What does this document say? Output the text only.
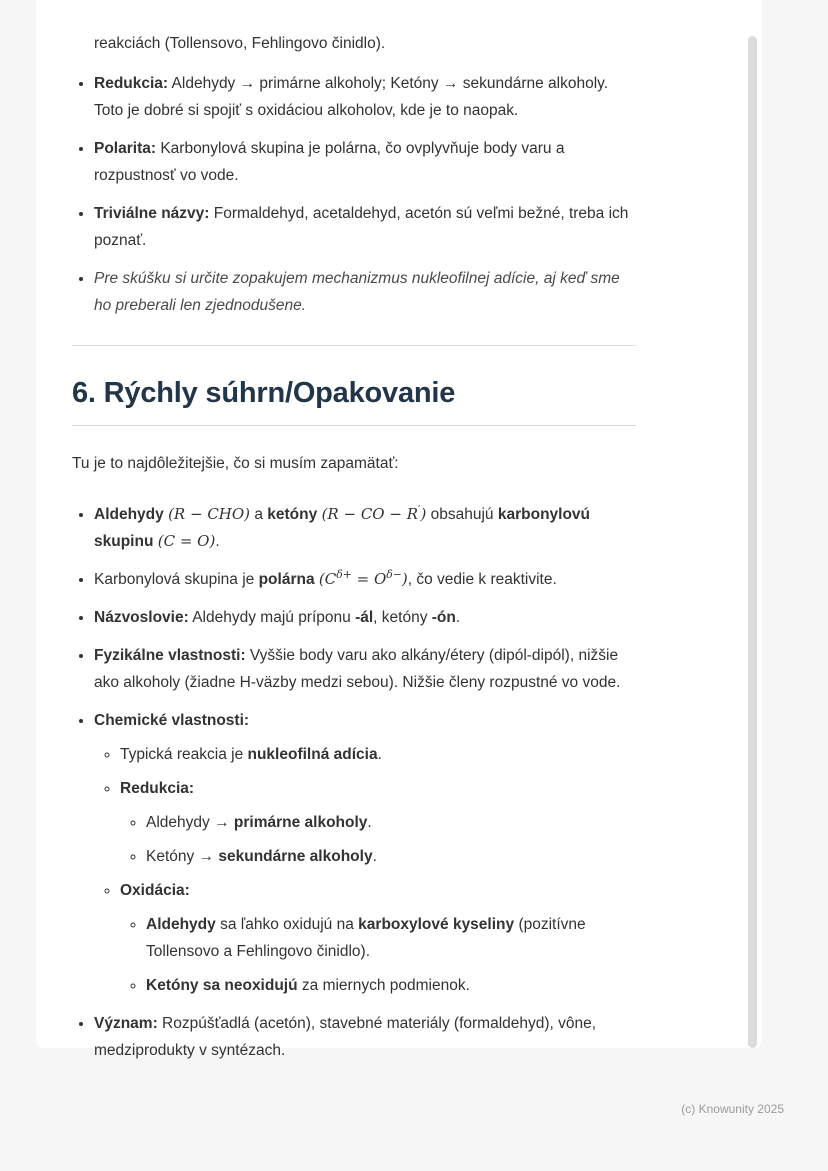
reakciách (Tollensovo, Fehlingovo činidlo).

• Redukcia: Aldehydy → primárne alkoholy; Ketóny → sekundárne alkoholy. Toto je dobré si spojiť s oxidáciou alkoholov, kde je to naopak.
• Polarita: Karbonylová skupina je polárna, čo ovplyvňuje body varu a rozpustnosť vo vode.
• Triviálne názvy: Formaldehyd, acetaldehyd, acetón sú veľmi bežné, treba ich poznať.
• Pre skúšku si určite zopakujem mechanizmus nukleofilnej adície, aj keď sme ho preberali len zjednodušene.
6. Rýchly súhrn/Opakovanie

Tu je to najdôležitejšie, čo si musím zapamätať:

• Aldehydy (R − CHO) a ketóny (R − CO − R′) obsahujú karbonylovú skupinu (C = O).
• Karbonylová skupina je polárna $(C^{\delta+} = O^{\delta-})$, čo vedie k reaktivite.
• Názvoslovie: Aldehydy majú príponu -ál, ketóny -ón.
• Fyzikálne vlastnosti: Vyššie body varu ako alkány/étery (dipól-dipól), nižšie ako alkoholy (žiadne H-väzby medzi sebou). Nižšie členy rozpustné vo vode.
• Chemické vlastnosti:
◦ Typická reakcia je nukleofilná adícia.
◦ Redukcia:
◦ Aldehydy → primárne alkoholy.
◦ Ketóny → sekundárne alkoholy.
◦ Oxidácia:
◦ Aldehydy sa ľahko oxidujú na karboxylové kyseliny (pozitívne Tollensovo a Fehlingovo činidlo).
◦ Ketóny sa neoxidujú za miernych podmienok.
• Význam: Rozpúšťadlá (acetón), stavebné materiály (formaldehyd), vône, medziprodukty v syntézach.
(c) Knowunity 2025
